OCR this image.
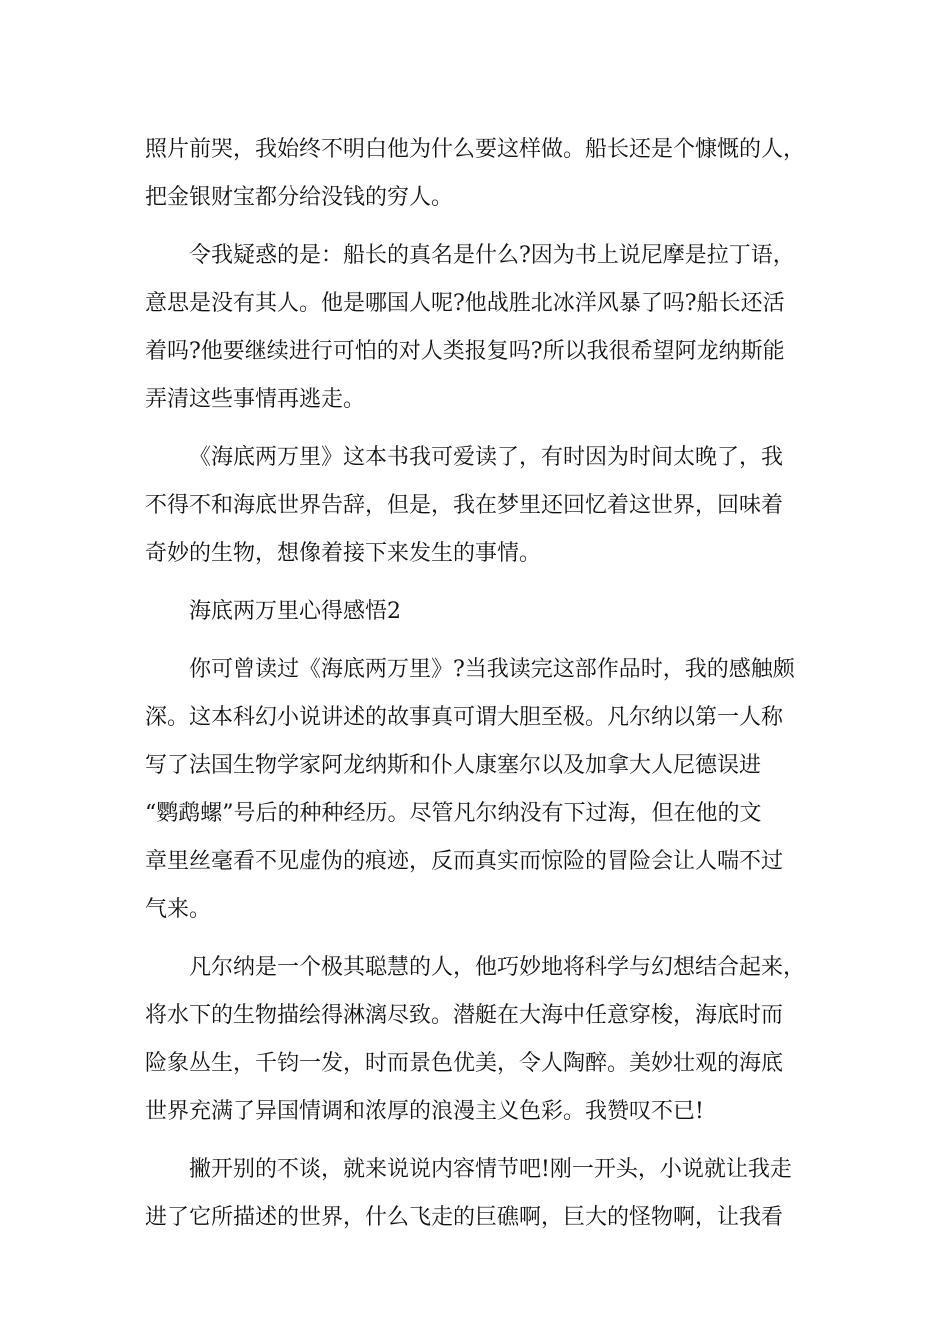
照片前哭，我始终不明白他为什么要这样做。船长还是个慷慨的人，
把金银财宝都分给没钱的穷人。
令我疑惑的是：船长的真名是什么?因为书上说尼摩是拉丁语，
意思是没有其人。他是哪国人呢?他战胜北冰洋风暴了吗?船长还活
着吗?他要继续进行可怕的对人类报复吗?所以我很希望阿龙纳斯能
弄清这些事情再逃走。
《海底两万里》这本书我可爱读了，有时因为时间太晚了，我
不得不和海底世界告辞，但是，我在梦里还回忆着这世界，回味着
奇妙的生物，想像着接下来发生的事情。
海底两万里心得感悟2
你可曾读过《海底两万里》?当我读完这部作品时，我的感触颇
深。这本科幻小说讲述的故事真可谓大胆至极。凡尔纳以第一人称
写了法国生物学家阿龙纳斯和仆人康塞尔以及加拿大人尼德误进
“鹦鹉螺”号后的种种经历。尽管凡尔纳没有下过海，但在他的文
章里丝毫看不见虚伪的痕迹，反而真实而惊险的冒险会让人喘不过
气来。
凡尔纳是一个极其聪慧的人，他巧妙地将科学与幻想结合起来，
将水下的生物描绘得淋漓尽致。潜艇在大海中任意穿梭，海底时而
险象丛生，千钧一发，时而景色优美，令人陶醉。美妙壮观的海底
世界充满了异国情调和浓厚的浪漫主义色彩。我赞叹不已!
撇开别的不谈，就来说说内容情节吧!刚一开头，小说就让我走
进了它所描述的世界，什么飞走的巨礁啊，巨大的怪物啊，让我看
